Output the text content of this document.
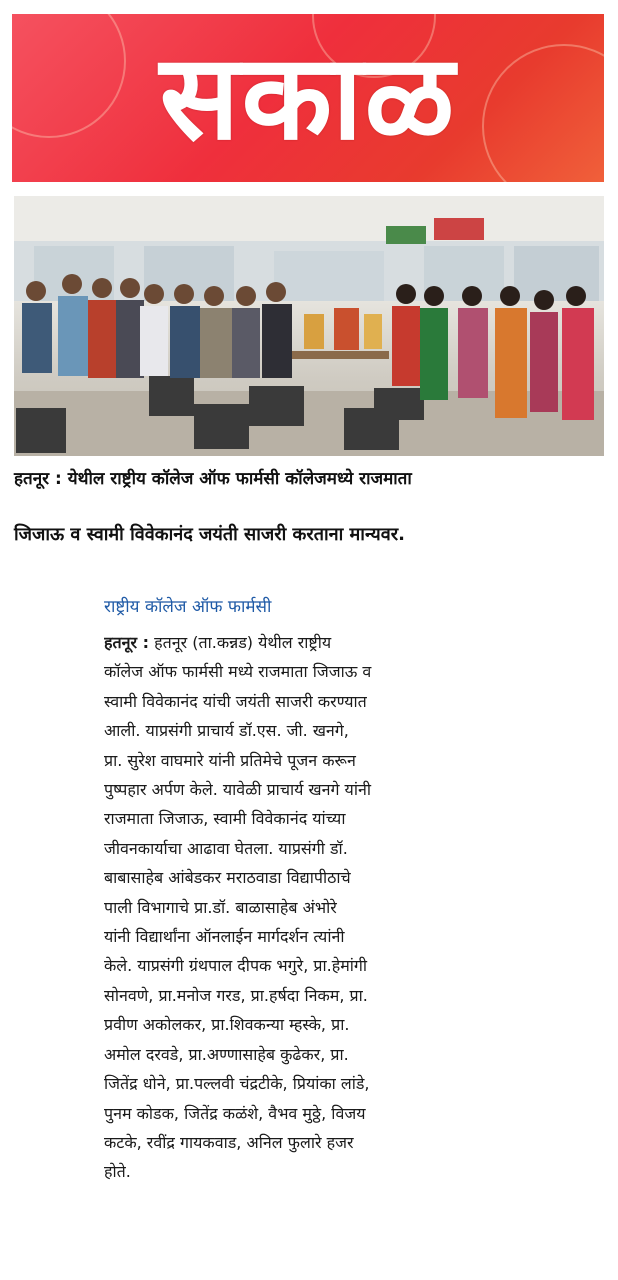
सकाळ
हतनूर : येथील राष्ट्रीय कॉलेज ऑफ फार्मसी कॉलेजमध्ये राजमाता
जिजाऊ व स्वामी विवेकानंद जयंती साजरी करताना मान्यवर.
राष्ट्रीय कॉलेज ऑफ फार्मसी
हतनूर : हतनूर (ता.कन्नड) येथील राष्ट्रीय
कॉलेज ऑफ फार्मसी मध्ये राजमाता जिजाऊ व
स्वामी विवेकानंद यांची जयंती साजरी करण्यात
आली. याप्रसंगी प्राचार्य डॉ.एस. जी. खनगे,
प्रा. सुरेश वाघमारे यांनी प्रतिमेचे पूजन करून
पुष्पहार अर्पण केले. यावेळी प्राचार्य खनगे यांनी
राजमाता जिजाऊ, स्वामी विवेकानंद यांच्या
जीवनकार्याचा आढावा घेतला. याप्रसंगी डॉ.
बाबासाहेब आंबेडकर मराठवाडा विद्यापीठाचे
पाली विभागाचे प्रा.डॉ. बाळासाहेब अंभोरे
यांनी विद्यार्थांना ऑनलाईन मार्गदर्शन त्यांनी
केले. याप्रसंगी ग्रंथपाल दीपक भगुरे, प्रा.हेमांगी
सोनवणे, प्रा.मनोज गरड, प्रा.हर्षदा निकम, प्रा.
प्रवीण अकोलकर, प्रा.शिवकन्या म्हस्के, प्रा.
अमोल दरवडे, प्रा.अण्णासाहेब कुढेकर, प्रा.
जितेंद्र धोने, प्रा.पल्लवी चंद्रटीके, प्रियांका लांडे,
पुनम कोडक, जितेंद्र कळंशे, वैभव मुठ्ठे, विजय
कटके, रवींद्र गायकवाड, अनिल फुलारे हजर
होते.
